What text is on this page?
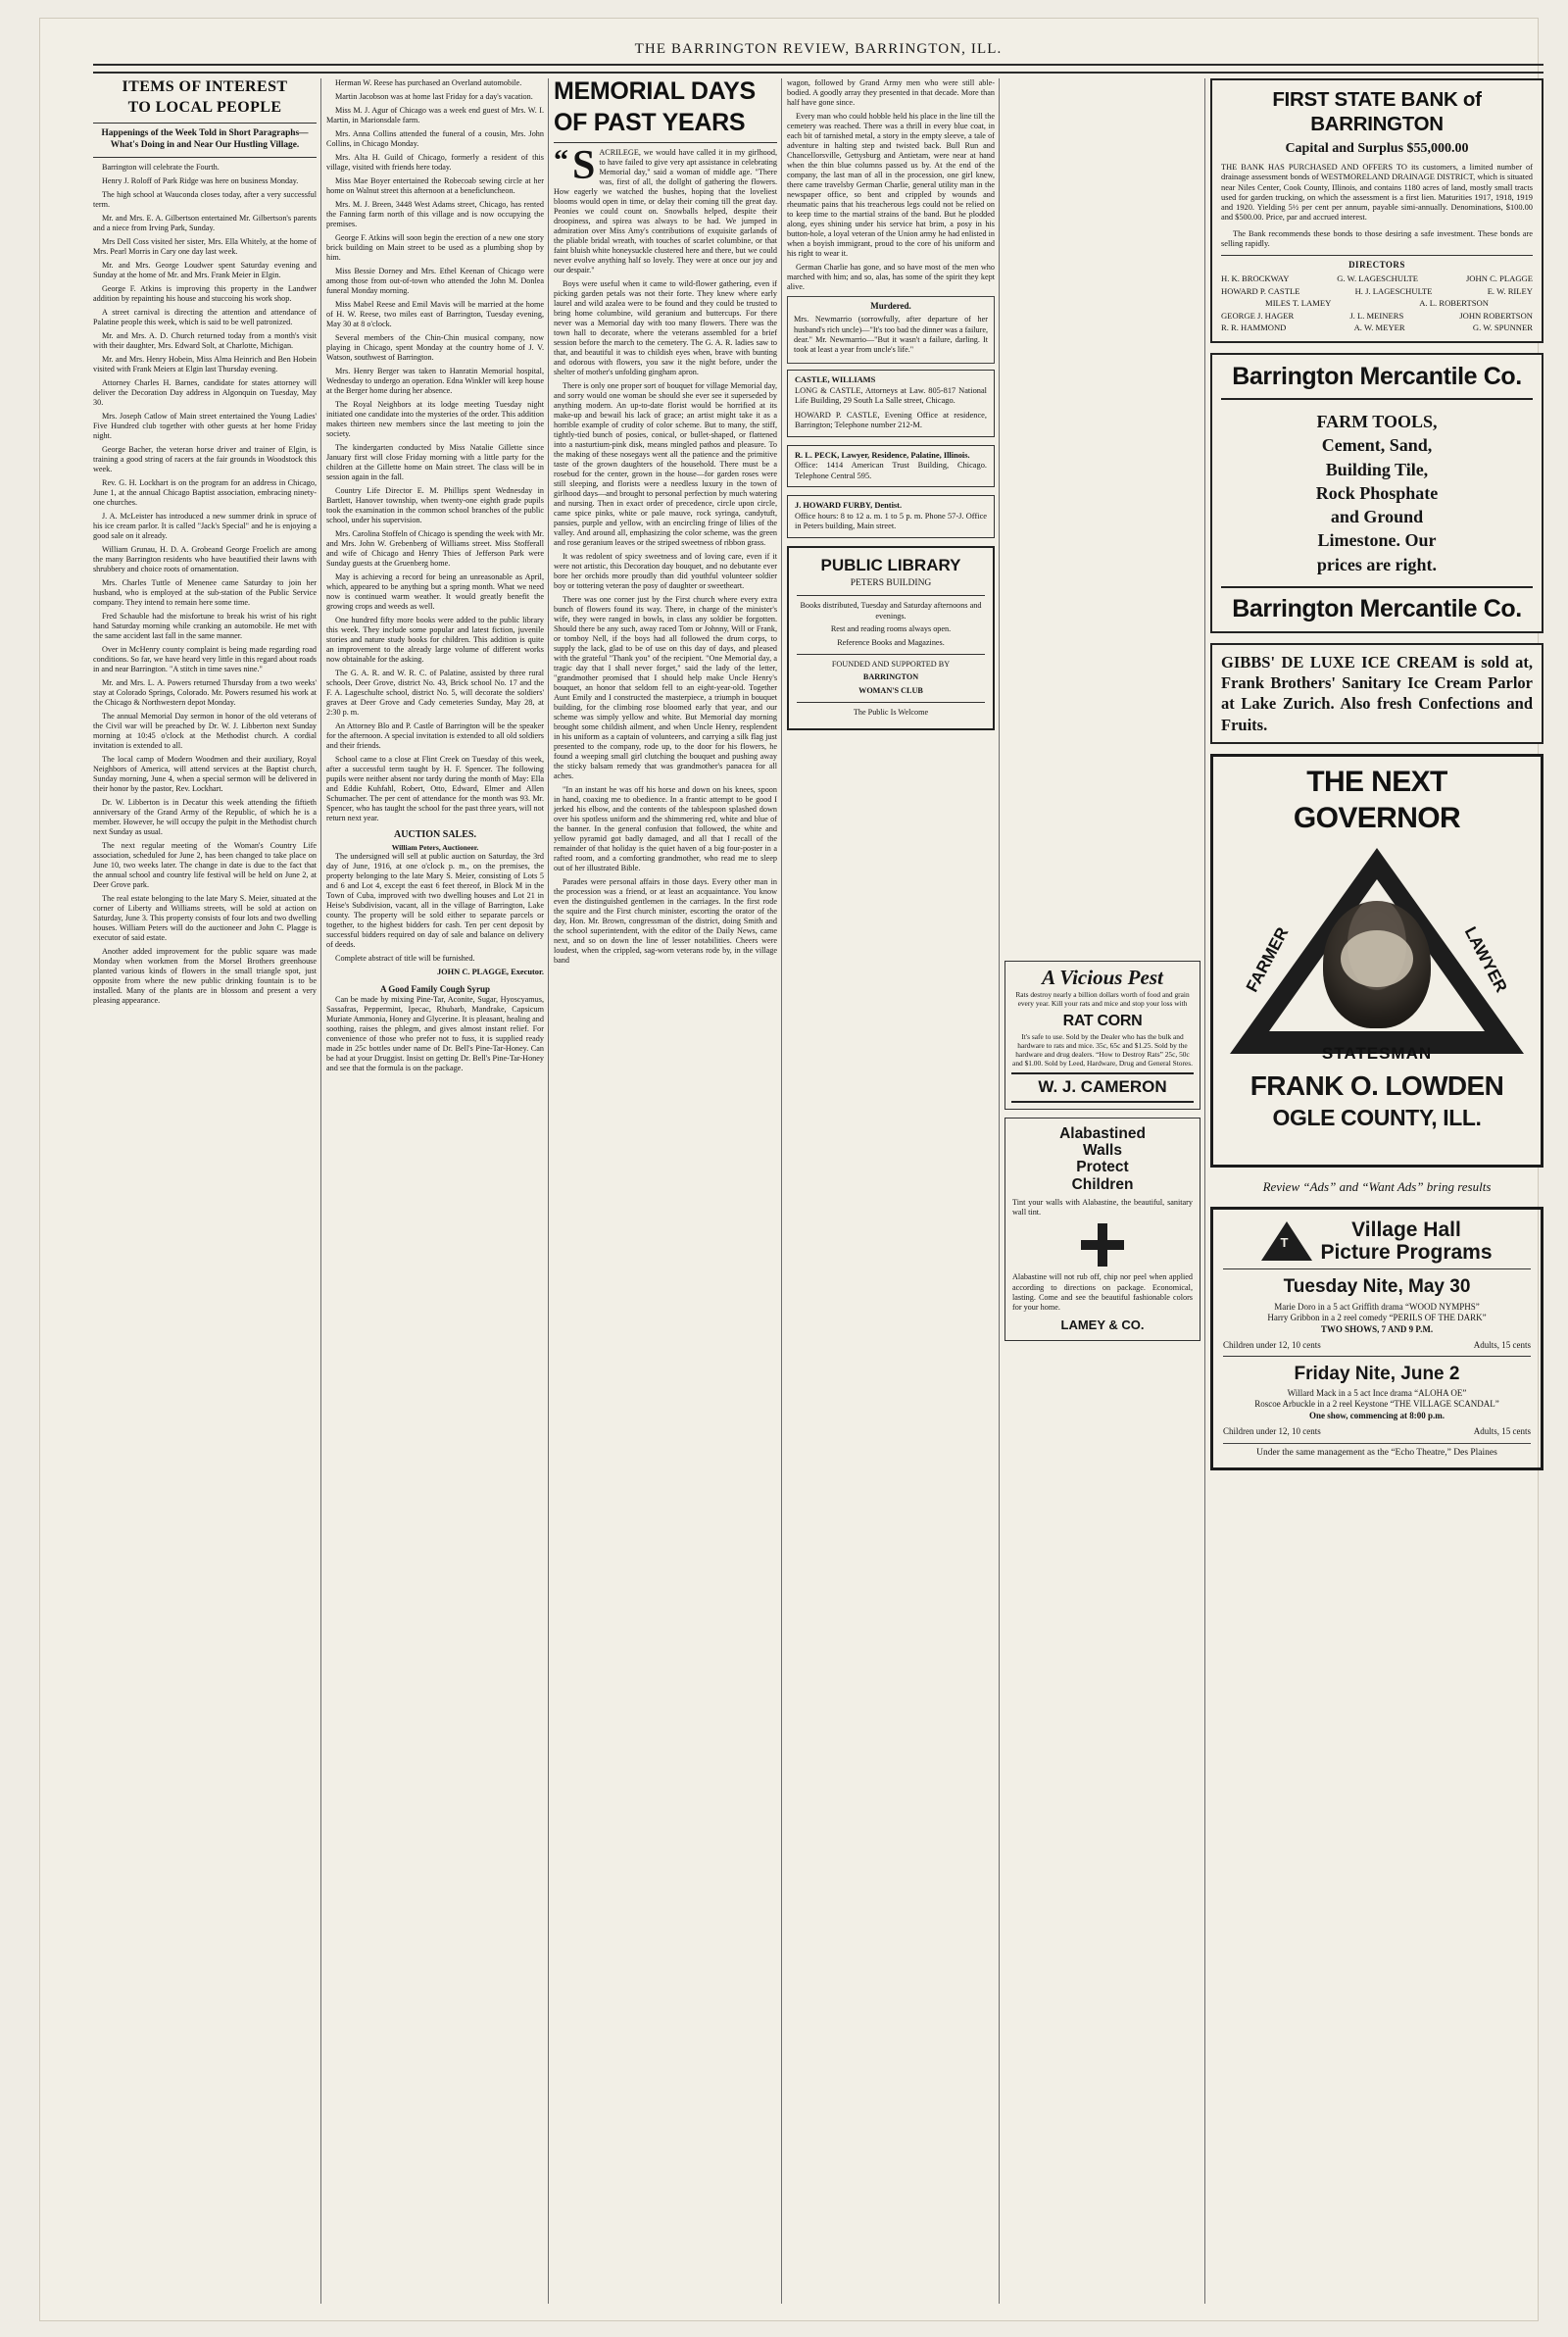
THE BARRINGTON REVIEW, BARRINGTON, ILL.
ITEMS OF INTEREST
TO LOCAL PEOPLE
Happenings of the Week Told in Short Paragraphs—What's Doing in and Near Our Hustling Village.

Barrington will celebrate the Fourth.

Henry J. Roloff of Park Ridge was here on business Monday.

The high school at Wauconda closes today, after a very successful term.

Mr. and Mrs. E. A. Gilbertson entertained Mr. Gilbertson's parents and a niece from Irving Park, Sunday.

Mrs Dell Coss visited her sister, Mrs. Ella Whitely, at the home of Mrs. Pearl Morris in Cary one day last week.

Mr. and Mrs. George Loudwer spent Saturday evening and Sunday at the home of Mr. and Mrs. Frank Meier in Elgin.

George F. Atkins is improving this property in the Landwer addition by repainting his house and stuccoing his work shop.

A street carnival is directing the attention and attendance of Palatine people this week, which is said to be well patronized.

Mr. and Mrs. A. D. Church returned today from a month's visit with their daughter, Mrs. Edward Solt, at Charlotte, Michigan.

Mr. and Mrs. Henry Hobein, Miss Alma Heinrich and Ben Hobein visited with Frank Meiers at Elgin last Thursday evening.

Attorney Charles H. Barnes, candidate for states attorney will deliver the Decoration Day address in Algonquin on Tuesday, May 30.

Mrs. Joseph Catlow of Main street entertained the Young Ladies' Five Hundred club together with other guests at her home Friday night.

George Bacher, the veteran horse driver and trainer of Elgin, is training a good string of racers at the fair grounds in Woodstock this week.

Rev. G. H. Lockhart is on the program for an address in Chicago, June 1, at the annual Chicago Baptist association, embracing ninety-one churches.

J. A. McLeister has introduced a new summer drink in spruce of his ice cream parlor. It is called "Jack's Special" and he is enjoying a good sale on it already.

William Grunau, H. D. A. Grobeand George Froelich are among the many Barrington residents who have beautified their lawns with shrubbery and choice roots of ornamentation.

Mrs. Charles Tuttle of Menenee came Saturday to join her husband, who is employed at the sub-station of the Public Service company. They intend to remain here some time.

Fred Schauble had the misfortune to break his wrist of his right hand Saturday morning while cranking an automobile. He met with the same accident last fall in the same manner.

Over in McHenry county complaint is being made regarding road conditions. So far, we have heard very little in this regard about roads in and near Barrington. "A stitch in time saves nine."

Mr. and Mrs. L. A. Powers returned Thursday from a two weeks' stay at Colorado Springs, Colorado. Mr. Powers resumed his work at the Chicago & Northwestern depot Monday.

The annual Memorial Day sermon in honor of the old veterans of the Civil war will be preached by Dr. W. J. Libberton next Sunday morning at 10:45 o'clock at the Methodist church. A cordial invitation is extended to all.

The local camp of Modern Woodmen and their auxiliary, Royal Neighbors of America, will attend services at the Baptist church, Sunday morning, June 4, when a special sermon will be delivered in their honor by the pastor, Rev. Lockhart.

Dr. W. Libberton is in Decatur this week attending the fiftieth anniversary of the Grand Army of the Republic, of which he is a member. However, he will occupy the pulpit in the Methodist church next Sunday as usual.

The next regular meeting of the Woman's Country Life association, scheduled for June 2, has been changed to take place on June 10, two weeks later. The change in date is due to the fact that the annual school and country life festival will be held on June 2, at Deer Grove park.

The real estate belonging to the late Mary S. Meier, situated at the corner of Liberty and Williams streets, will be sold at action on Saturday, June 3. This property consists of four lots and two dwelling houses. William Peters will do the auctioneer and John C. Plagge is executor of said estate.

Another added improvement for the public square was made Monday when workmen from the Morsel Brothers greenhouse planted various kinds of flowers in the small triangle spot, just opposite from where the new public drinking fountain is to be installed. Many of the plants are in blossom and present a very pleasing appearance.

Herman W. Reese has purchased an Overland automobile.

Martin Jacobson was at home last Friday for a day's vacation.

Miss M. J. Agur of Chicago was a week end guest of Mrs. W. I. Martin, in Marionsdale farm.

Mrs. Anna Collins attended the funeral of a cousin, Mrs. John Collins, in Chicago Monday.

Mrs. Alta H. Guild of Chicago, formerly a resident of this village, visited with friends here today.

Miss Mae Boyer entertained the Robecoab sewing circle at her home on Walnut street this afternoon at a beneficluncheon.

Mrs. M. J. Breen, 3448 West Adams street, Chicago, has rented the Fanning farm north of this village and is now occupying the premises.

George F. Atkins will soon begin the erection of a new one story brick building on Main street to be used as a plumbing shop by him.

Miss Bessie Dorney and Mrs. Ethel Keenan of Chicago were among those from out-of-town who attended the John M. Donlea funeral Monday morning.

Miss Mabel Reese and Emil Mavis will be married at the home of H. W. Reese, two miles east of Barrington, Tuesday evening, May 30 at 8 o'clock.

Several members of the Chin-Chin musical company, now playing in Chicago, spent Monday at the country home of J. V. Watson, southwest of Barrington.

Mrs. Henry Berger was taken to Hanratin Memorial hospital, Wednesday to undergo an operation. Edna Winkler will keep house at the Berger home during her absence.

The Royal Neighbors at its lodge meeting Tuesday night initiated one candidate into the mysteries of the order. This addition makes thirteen new members since the last meeting to join the society.

The kindergarten conducted by Miss Natalie Gillette since January first will close Friday morning with a little party for the children at the Gillette home on Main street. The class will be in session again in the fall.

Country Life Director E. M. Phillips spent Wednesday in Bartlett, Hanover township, when twenty-one eighth grade pupils took the examination in the common school branches of the public school, under his supervision.

Mrs. Carolina Stoffeln of Chicago is spending the week with Mr. and Mrs. John W. Grebenberg of Williams street. Miss Stofferall and wife of Chicago and Henry Thies of Jefferson Park were Sunday guests at the Gruenberg home.

May is achieving a record for being an unreasonable as April, which, appeared to be anything but a spring month. What we need now is continued warm weather. It would greatly benefit the growing crops and weeds as well.

One hundred fifty more books were added to the public library this week. They include some popular and latest fiction, juvenile stories and nature study books for children. This addition is quite an improvement to the already large volume of different works now obtainable for the asking.

The G. A. R. and W. R. C. of Palatine, assisted by three rural schools, Deer Grove, district No. 43, Brick school No. 17 and the F. A. Lageschulte school, district No. 5, will decorate the soldiers' graves at Deer Grove and Cady cemeteries Sunday, May 28, at 2:30 p. m.

An Attorney Blo and P. Castle of Barrington will be the speaker for the afternoon. A special invitation is extended to all old soldiers and their friends.

School came to a close at Flint Creek on Tuesday of this week, after a successful term taught by H. F. Spencer. The following pupils were neither absent nor tardy during the month of May: Ella and Eddie Kuhfahl, Robert, Otto, Edward, Elmer and Allen Schumacher. The per cent of attendance for the month was 93. Mr. Spencer, who has taught the school for the past three years, will not return next year.

AUCTION SALES.
William Peters, Auctioneer.

The undersigned will sell at public auction on Saturday, the 3rd day of June, 1916, at one o'clock p. m., on the premises, the property belonging to the late Mary S. Meier, consisting of Lots 5 and 6 and Lot 4, except the east 6 feet thereof, in Block M in the Town of Cuba, improved with two dwelling houses and Lot 21 in Heise's Subdivision, vacant, all in the village of Barrington, Lake county. The property will be sold either to separate parcels or together, to the highest bidders for cash. Ten per cent deposit by successful bidders required on day of sale and balance on delivery of deeds.

Complete abstract of title will be furnished.

JOHN C. PLAGGE, Executor.
A Good Family Cough Syrup

Can be made by mixing Pine-Tar, Aconite, Sugar, Hyoscyamus, Sassafras, Peppermint, Ipecac, Rhubarb, Mandrake, Capsicum Muriate Ammonia, Honey and Glycerine. It is pleasant, healing and soothing, raises the phlegm, and gives almost instant relief. For convenience of those who prefer not to fuss, it is supplied ready made in 25c bottles under name of Dr. Bell's Pine-Tar-Honey. Can be had at your Druggist. Insist on getting Dr. Bell's Pine-Tar-Honey and see that the formula is on the package.

MEMORIAL DAYS
OF PAST YEARS
“ S ACRILEGE, we would have called it in my girlhood, to have failed to give very apt assistance in celebrating Memorial day," said a woman of middle age. "There was, first of all, the dollght of gathering the flowers. How eagerly we watched the bushes, hoping that the loveliest blooms would open in time, or delay their coming till the great day. Peonies we could count on. Snowballs helped, despite their droopiness, and spirea was always to be had. We jumped in admiration over Miss Amy's contributions of exquisite garlands of the pliable bridal wreath, with touches of scarlet columbine, or that faint bluish white honeysuckle clustered here and there, but we could never evolve anything half so lovely. They were at once our joy and our despair."

Boys were useful when it came to wild-flower gathering, even if picking garden petals was not their forte. They knew where early laurel and wild azalea were to be found and they could be trusted to bring home columbine, wild geranium and buttercups. For there never was a Memorial day with too many flowers. There was the town hall to decorate, where the veterans assembled for a brief session before the march to the cemetery. The G. A. R. ladies saw to that, and beautiful it was to childish eyes when, brave with bunting and odorous with flowers, you saw it the night before, under the shelter of mother's unfolding gingham apron.

There is only one proper sort of bouquet for village Memorial day, and sorry would one woman be should she ever see it superseded by anything modern. An up-to-date florist would be horrified at its make-up and bewail his lack of grace; an artist might take it as a horrible example of crudity of color scheme. But to many, the stiff, tightly-tied bunch of posies, conical, or bullet-shaped, or flattened into a nasturtium-pink disk, means mingled pathos and pleasure. To the making of these nosegays went all the patience and the primitive taste of the grown daughters of the household. There must be a rosebud for the center, grown in the house—for garden roses were still sleeping, and florists were a needless luxury in the town of girlhood days—and brought to personal perfection by much watering and nursing. Then in exact order of precedence, circle upon circle, came spice pinks, white or pale mauve, rock syringa, candytuft, pansies, purple and yellow, with an encircling fringe of lilies of the valley. And around all, emphasizing the color scheme, was the green and rose geranium leaves or the striped sweetness of ribbon grass.

It was redolent of spicy sweetness and of loving care, even if it were not artistic, this Decoration day bouquet, and no debutante ever bore her orchids more proudly than did youthful volunteer soldier boy or tottering veteran the posy of daughter or sweetheart.

There was one corner just by the First church where every extra bunch of flowers found its way. There, in charge of the minister's wife, they were ranged in bowls, in class any soldier be forgotten. Should there be any such, away raced Tom or Johnny, Will or Frank, or tomboy Nell, if the boys had all followed the drum corps, to supply the lack, glad to be of use on this day of days, and pleased with the grateful "Thank you" of the recipient. "One Memorial day, a tragic day that I shall never forget," said the lady of the letter, "grandmother promised that I should help make Uncle Henry's bouquet, an honor that seldom fell to an eight-year-old. Together Aunt Emily and I constructed the masterpiece, a triumph in bouquet building, for the climbing rose bloomed early that year, and our scheme was simply yellow and white. But Memorial day morning brought some childish ailment, and when Uncle Henry, resplendent in his uniform as a captain of volunteers, and carrying a silk flag just presented to the company, rode up, to the door for his flowers, he found a weeping small girl clutching the bouquet and pushing away the sticky balsam remedy that was grandmother's panacea for all aches.

"In an instant he was off his horse and down on his knees, spoon in hand, coaxing me to obedience. In a frantic attempt to be good I jerked his elbow, and the contents of the tablespoon splashed down over his spotless uniform and the shimmering red, white and blue of the banner. In the general confusion that followed, the white and yellow pyramid got badly damaged, and all that I recall of the remainder of that holiday is the quiet haven of a big four-poster in a rafted room, and a comforting grandmother, who read me to sleep out of her illustrated Bible.

Parades were personal affairs in those days. Every other man in the procession was a friend, or at least an acquaintance. You know even the distinguished gentlemen in the carriages. In the first rode the squire and the First church minister, escorting the orator of the day, Hon. Mr. Brown, congressman of the district, doing Smith and the school superintendent, with the editor of the Daily News, came next, and so on down the line of lesser notabilities. Cheers were loudest, when the crippled, sag-worn veterans rode by, in the village band

wagon, followed by Grand Army men who were still able-bodied. A goodly array they presented in that decade. More than half have gone since.

Every man who could hobble held his place in the line till the cemetery was reached. There was a thrill in every blue coat, in each bit of tarnished metal, a story in the empty sleeve, a tale of adventure in halting step and twisted back. Bull Run and Chancellorsville, Gettysburg and Antietam, were near at hand when the thin blue columns passed us by. At the end of the company, the last man of all in the procession, one girl knew, there came travelsby German Charlie, general utility man in the newspaper office, so bent and crippled by wounds and rheumatic pains that his treacherous legs could not be relied on to keep time to the martial strains of the band. But he plodded along, eyes shining under his service hat brim, a posy in his button-hole, a loyal veteran of the Union army he had enlisted in when a boyish immigrant, proud to the core of his uniform and his right to wear it.

German Charlie has gone, and so have most of the men who marched with him; and so, alas, has some of the spirit they kept alive.

Murdered.

Mrs. Newmarrio (sorrowfully, after departure of her husband's rich uncle)—"It's too bad the dinner was a failure, dear." Mr. Newmarrio—"But it wasn't a failure, darling. It took at least a year from uncle's life."

CASTLE, WILLIAMS
LONG & CASTLE, Attorneys at Law. 805-817 National Life Building, 29 South La Salle street, Chicago.
HOWARD P. CASTLE, Evening Office at residence, Barrington; Telephone number 212-M.
R. L. PECK, Lawyer, Residence, Palatine, Illinois.
Office: 1414 American Trust Building, Chicago. Telephone Central 595.
J. HOWARD FURBY, Dentist.
Office hours: 8 to 12 a. m. 1 to 5 p. m. Phone 57-J. Office in Peters building, Main street.
PUBLIC LIBRARY
PETERS BUILDING
Books distributed, Tuesday and Saturday afternoons and evenings.
Rest and reading rooms always open.
Reference Books and Magazines.
FOUNDED AND SUPPORTED BY
BARRINGTON
WOMAN'S CLUB
The Public Is Welcome
A Vicious Pest
Rats destroy nearly a billion dollars worth of food and grain every year. Kill your rats and mice and stop your loss with
RAT CORN
It's safe to use. Sold by the Dealer who has the bulk and hardware to rats and mice. 35c, 65c and $1.25. Sold by the hardware and drug dealers. “How to Destroy Rats” 25c, 50c and $1.00. Sold by Leed, Hardware, Drug and General Stores.
W. J. CAMERON
Alabastined
Walls
Protect
Children
Tint your walls with Alabastine, the beautiful, sanitary wall tint.
Alabastine will not rub off, chip nor peel when applied according to directions on package. Economical, lasting. Come and see the beautiful fashionable colors for your home.
LAMEY & CO.
FIRST STATE BANK of BARRINGTON
Capital and Surplus $55,000.00
THE BANK HAS PURCHASED AND OFFERS TO its customers, a limited number of drainage assessment bonds of WESTMORELAND DRAINAGE DISTRICT, which is situated near Niles Center, Cook County, Illinois, and contains 1180 acres of land, mostly small tracts used for garden trucking, on which the assessment is a first lien. Maturities 1917, 1918, 1919 and 1920. Yielding 5½ per cent per annum, payable simi-annually. Denominations, $100.00 and $500.00. Price, par and accrued interest.
The Bank recommends these bonds to those desiring a safe investment. These bonds are selling rapidly.
DIRECTORS
H. K. BROCKWAY	G. W. LAGESCHULTE	JOHN C. PLAGGE
HOWARD P. CASTLE	H. J. LAGESCHULTE	E. W. RILEY
MILES T. LAMEY	A. L. ROBERTSON
GEORGE J. HAGER	J. L. MEINERS	JOHN ROBERTSON
R. R. HAMMOND	A. W. MEYER	G. W. SPUNNER
Barrington Mercantile Co.
FARM TOOLS,
Cement, Sand,
Building Tile,
Rock Phosphate
and Ground
Limestone. Our
prices are right.
Barrington Mercantile Co.
GIBBS' DE LUXE ICE CREAM is sold at, Frank Brothers' Sanitary Ice Cream Parlor at Lake Zurich. Also fresh Confections and Fruits.
THE NEXT GOVERNOR
FARMER	LAWYER
STATESMAN
FRANK O. LOWDEN
OGLE COUNTY, ILL.
Review “Ads” and “Want Ads” bring results
T
Village Hall
Picture Programs
Tuesday Nite, May 30
Marie Doro in a 5 act Griffith drama “WOOD NYMPHS”
Harry Gribbon in a 2 reel comedy “PERILS OF THE DARK”
TWO SHOWS, 7 AND 9 P.M.
Children under 12, 10 cents	Adults, 15 cents
Friday Nite, June 2
Willard Mack in a 5 act Ince drama “ALOHA OE”
Roscoe Arbuckle in a 2 reel Keystone “THE VILLAGE SCANDAL”
One show, commencing at 8:00 p.m.
Children under 12, 10 cents	Adults, 15 cents
Under the same management as the “Echo Theatre,” Des Plaines
